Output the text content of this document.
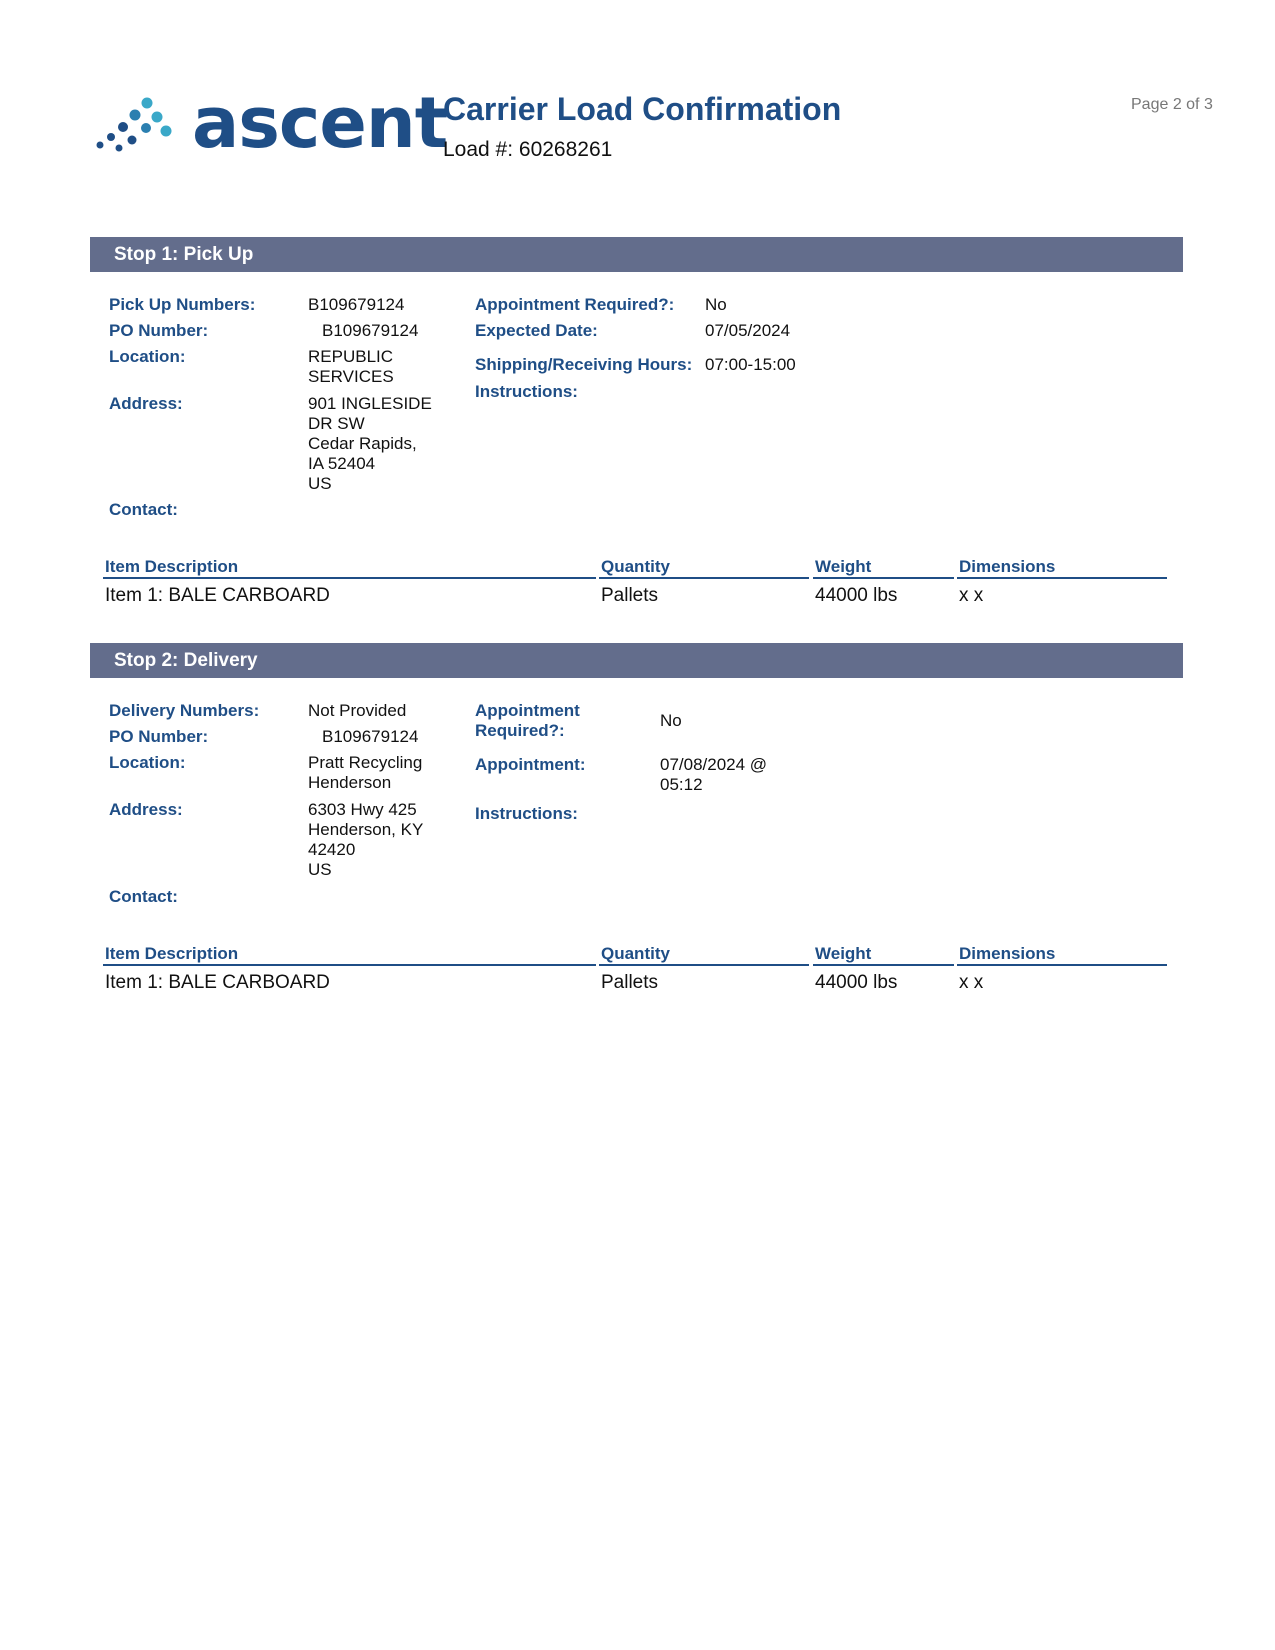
ascent
Carrier Load Confirmation
Load #: 60268261
Page 2 of 3
Stop 1: Pick Up
Pick Up Numbers:	B109679124
PO Number:	B109679124
Location:	REPUBLIC
SERVICES
Address:	901 INGLESIDE
DR SW
Cedar Rapids,
IA 52404
US
Contact:
Appointment Required?: No
Expected Date:	07/05/2024
Shipping/Receiving Hours: 07:00-15:00
Instructions:
Item Description	Quantity	Weight	Dimensions
Item 1: BALE CARBOARD	Pallets	44000 lbs	x x
Stop 2: Delivery
Delivery Numbers:	Not Provided
PO Number:	B109679124
Location:	Pratt Recycling
Henderson
Address:	6303 Hwy 425
Henderson, KY
42420
US
Contact:
Appointment
Required?:
No
Appointment:	07/08/2024 @
05:12
Instructions:
Item Description	Quantity	Weight	Dimensions
Item 1: BALE CARBOARD	Pallets	44000 lbs	x x
